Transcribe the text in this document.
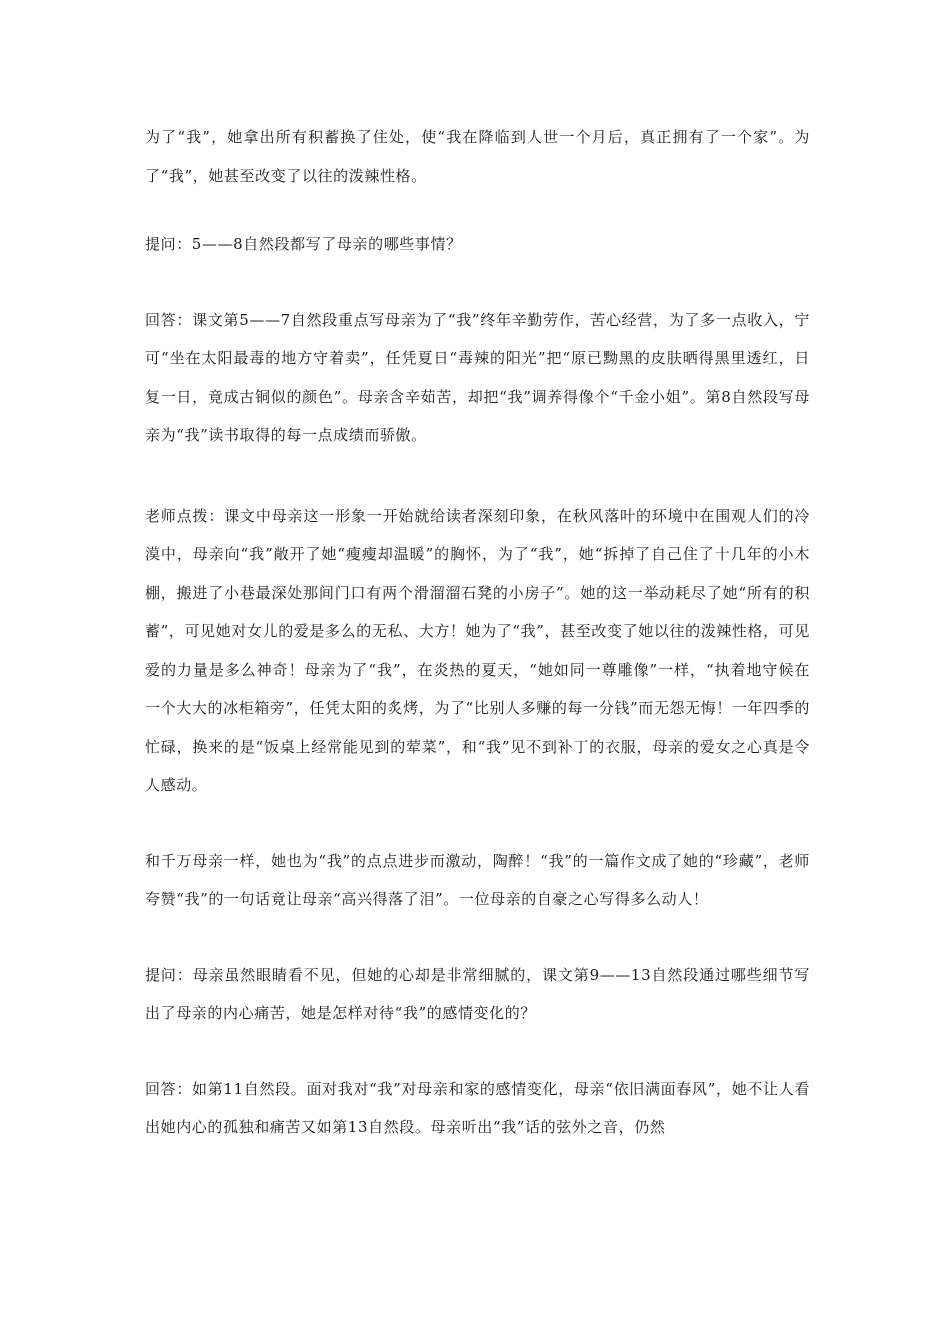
为了“我”，她拿出所有积蓄换了住处，使“我在降临到人世一个月后，真正拥有了一个家”。为了“我”，她甚至改变了以往的泼辣性格。

提问：5——8自然段都写了母亲的哪些事情？

回答：课文第5——7自然段重点写母亲为了“我”终年辛勤劳作，苦心经营，为了多一点收入，宁可“坐在太阳最毒的地方守着卖”，任凭夏日“毒辣的阳光”把“原已黝黑的皮肤晒得黑里透红，日复一日，竟成古铜似的颜色”。母亲含辛茹苦，却把“我”调养得像个“千金小姐”。第8自然段写母亲为“我”读书取得的每一点成绩而骄傲。

老师点拨：课文中母亲这一形象一开始就给读者深刻印象，在秋风落叶的环境中在围观人们的冷漠中，母亲向“我”敞开了她“瘦瘦却温暖”的胸怀，为了“我”，她“拆掉了自己住了十几年的小木棚，搬进了小巷最深处那间门口有两个滑溜溜石凳的小房子”。她的这一举动耗尽了她“所有的积蓄”，可见她对女儿的爱是多么的无私、大方！她为了“我”，甚至改变了她以往的泼辣性格，可见爱的力量是多么神奇！母亲为了“我”，在炎热的夏天，“她如同一尊雕像”一样，“执着地守候在一个大大的冰柜箱旁”，任凭太阳的炙烤，为了“比别人多赚的每一分钱”而无怨无悔！一年四季的忙碌，换来的是“饭桌上经常能见到的荤菜”，和“我”见不到补丁的衣服，母亲的爱女之心真是令人感动。

和千万母亲一样，她也为“我”的点点进步而激动，陶醉！“我”的一篇作文成了她的“珍藏”，老师夸赞“我”的一句话竟让母亲“高兴得落了泪”。一位母亲的自豪之心写得多么动人！

提问：母亲虽然眼睛看不见，但她的心却是非常细腻的，课文第9——13自然段通过哪些细节写出了母亲的内心痛苦，她是怎样对待“我”的感情变化的？

回答：如第11自然段。面对我对“我”对母亲和家的感情变化，母亲“依旧满面春风”，她不让人看出她内心的孤独和痛苦又如第13自然段。母亲听出“我”话的弦外之音，仍然
